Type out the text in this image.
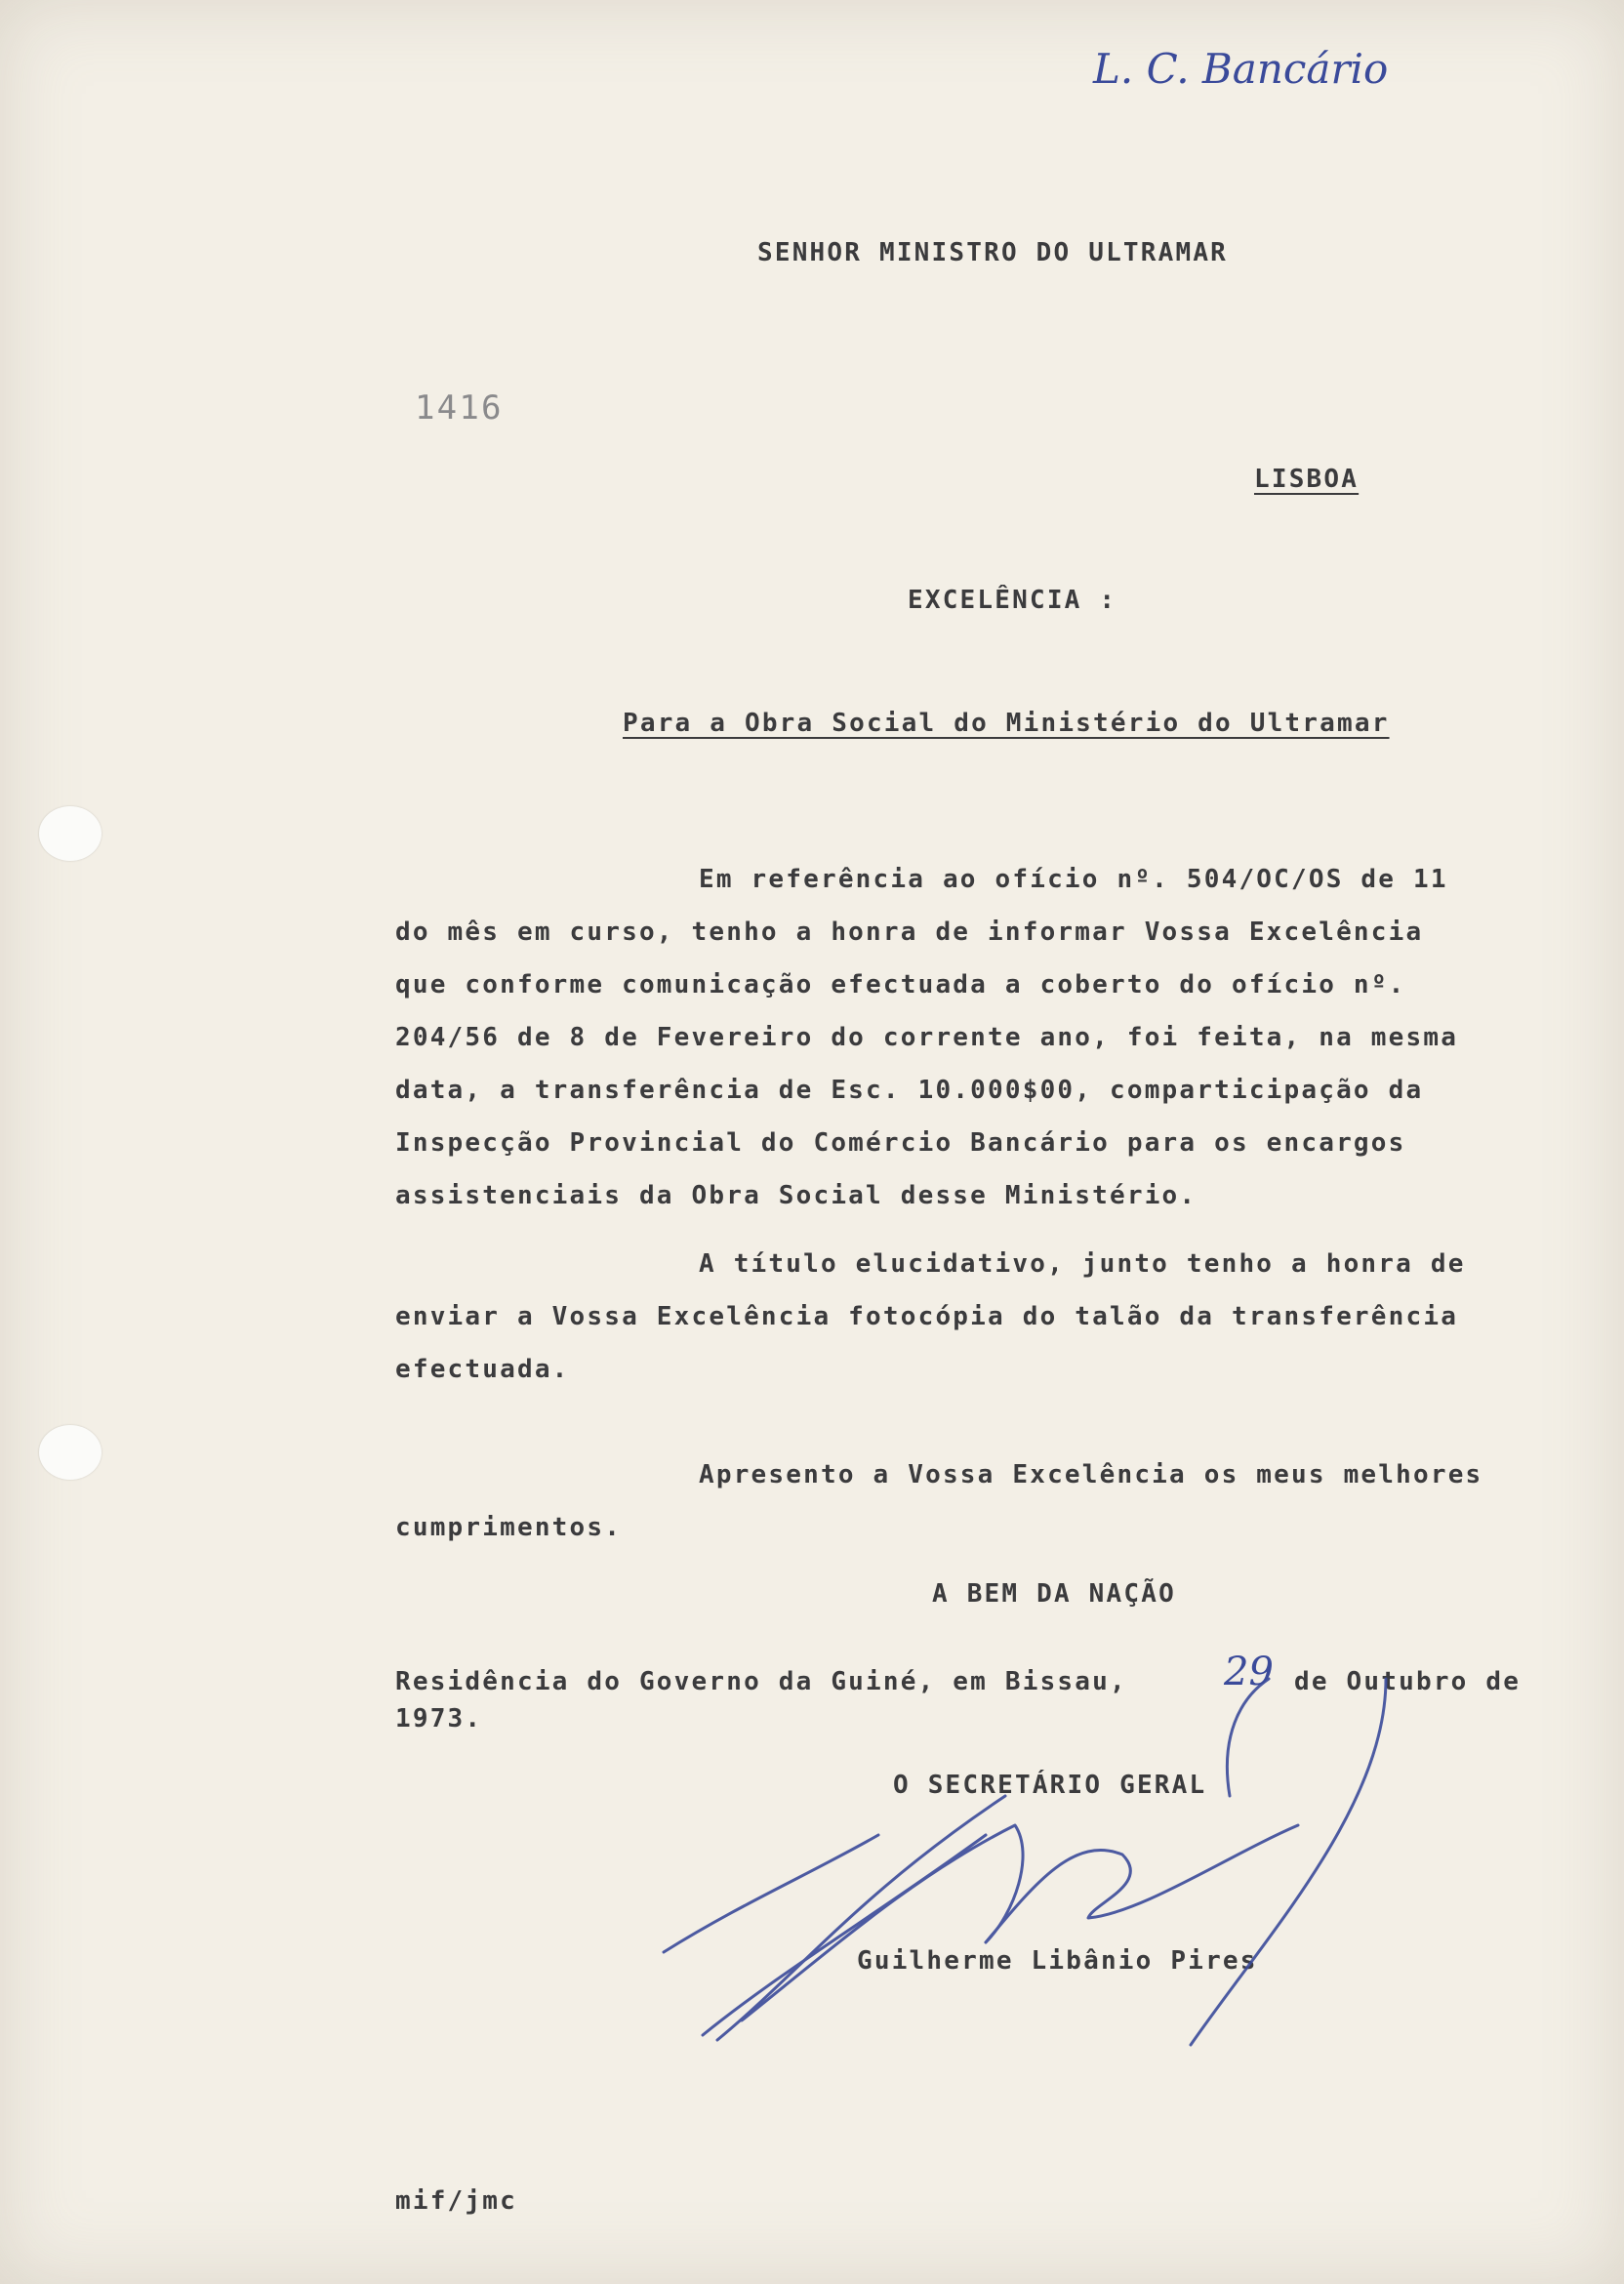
L. C. Bancário
SENHOR MINISTRO DO ULTRAMAR
1416
LISBOA
EXCELÊNCIA :
Para a Obra Social do Ministério do Ultramar
Em referência ao ofício nº. 504/OC/OS de 11
do mês em curso, tenho a honra de informar Vossa Excelência
que conforme comunicação efectuada a coberto do ofício nº.
204/56 de 8 de Fevereiro do corrente ano, foi feita, na mesma
data, a transferência de Esc. 10.000$00, comparticipação da
Inspecção Provincial do Comércio Bancário para os encargos
assistenciais da Obra Social desse Ministério.
A título elucidativo, junto tenho a honra de
enviar a Vossa Excelência fotocópia do talão da transferência
efectuada.
Apresento a Vossa Excelência os meus melhores
cumprimentos.
A BEM DA NAÇÃO
Residência do Governo da Guiné, em Bissau, 29 de Outubro de
1973.
O SECRETÁRIO GERAL
Guilherme Libânio Pires
mif/jmc
